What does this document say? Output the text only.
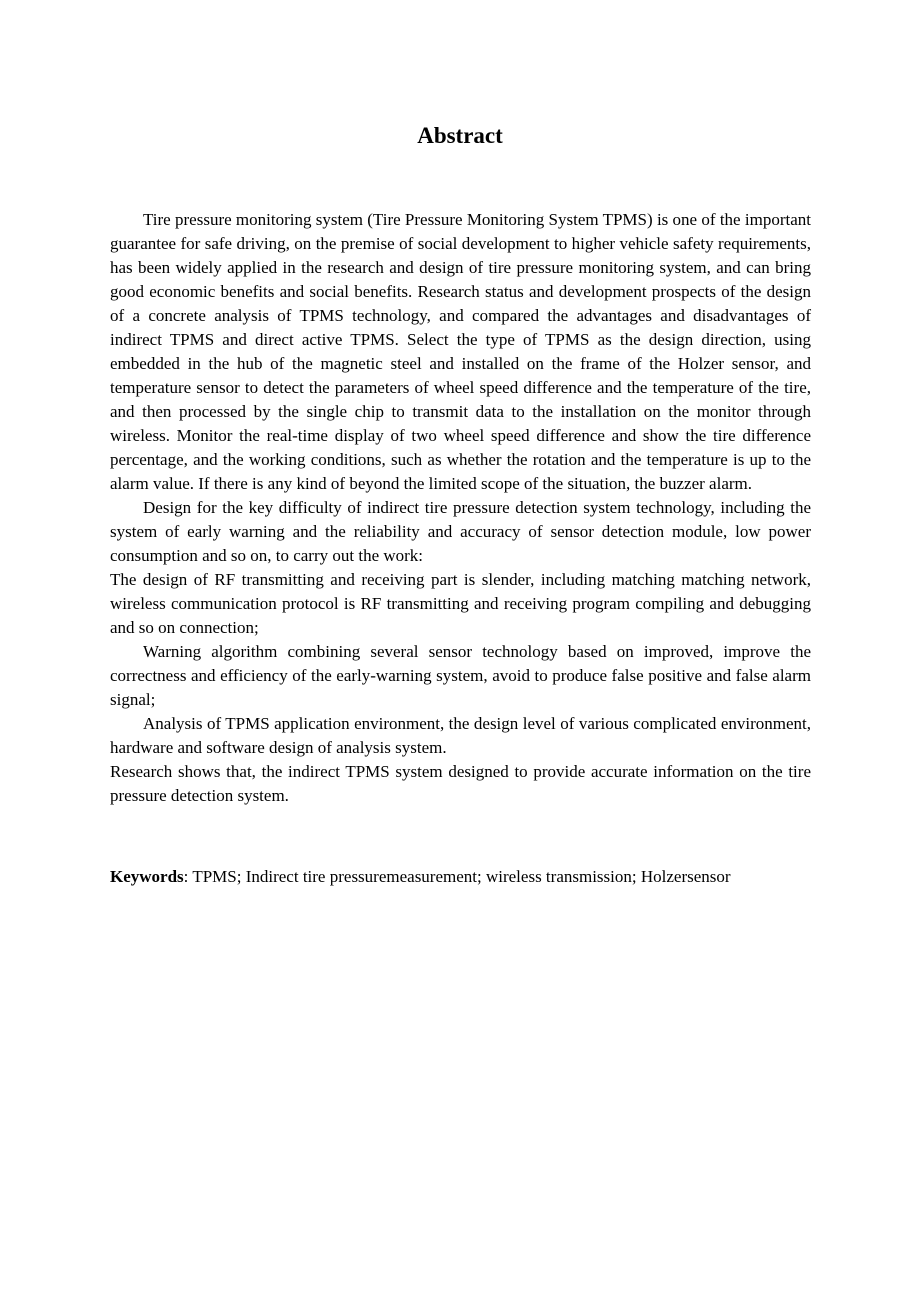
Abstract

Tire pressure monitoring system (Tire Pressure Monitoring System TPMS) is one of the important guarantee for safe driving, on the premise of social development to higher vehicle safety requirements, has been widely applied in the research and design of tire pressure monitoring system, and can bring good economic benefits and social benefits. Research status and development prospects of the design of a concrete analysis of TPMS technology, and compared the advantages and disadvantages of indirect TPMS and direct active TPMS. Select the type of TPMS as the design direction, using embedded in the hub of the magnetic steel and installed on the frame of the Holzer sensor, and temperature sensor to detect the parameters of wheel speed difference and the temperature of the tire, and then processed by the single chip to transmit data to the installation on the monitor through wireless. Monitor the real-time display of two wheel speed difference and show the tire difference percentage, and the working conditions, such as whether the rotation and the temperature is up to the alarm value. If there is any kind of beyond the limited scope of the situation, the buzzer alarm.

Design for the key difficulty of indirect tire pressure detection system technology, including the system of early warning and the reliability and accuracy of sensor detection module, low power consumption and so on, to carry out the work:

The design of RF transmitting and receiving part is slender, including matching matching network, wireless communication protocol is RF transmitting and receiving program compiling and debugging and so on connection;

Warning algorithm combining several sensor technology based on improved, improve the correctness and efficiency of the early-warning system, avoid to produce false positive and false alarm signal;

Analysis of TPMS application environment, the design level of various complicated environment, hardware and software design of analysis system.

Research shows that, the indirect TPMS system designed to provide accurate information on the tire pressure detection system.

Keywords: TPMS; Indirect tire pressuremeasurement; wireless transmission; Holzersensor
